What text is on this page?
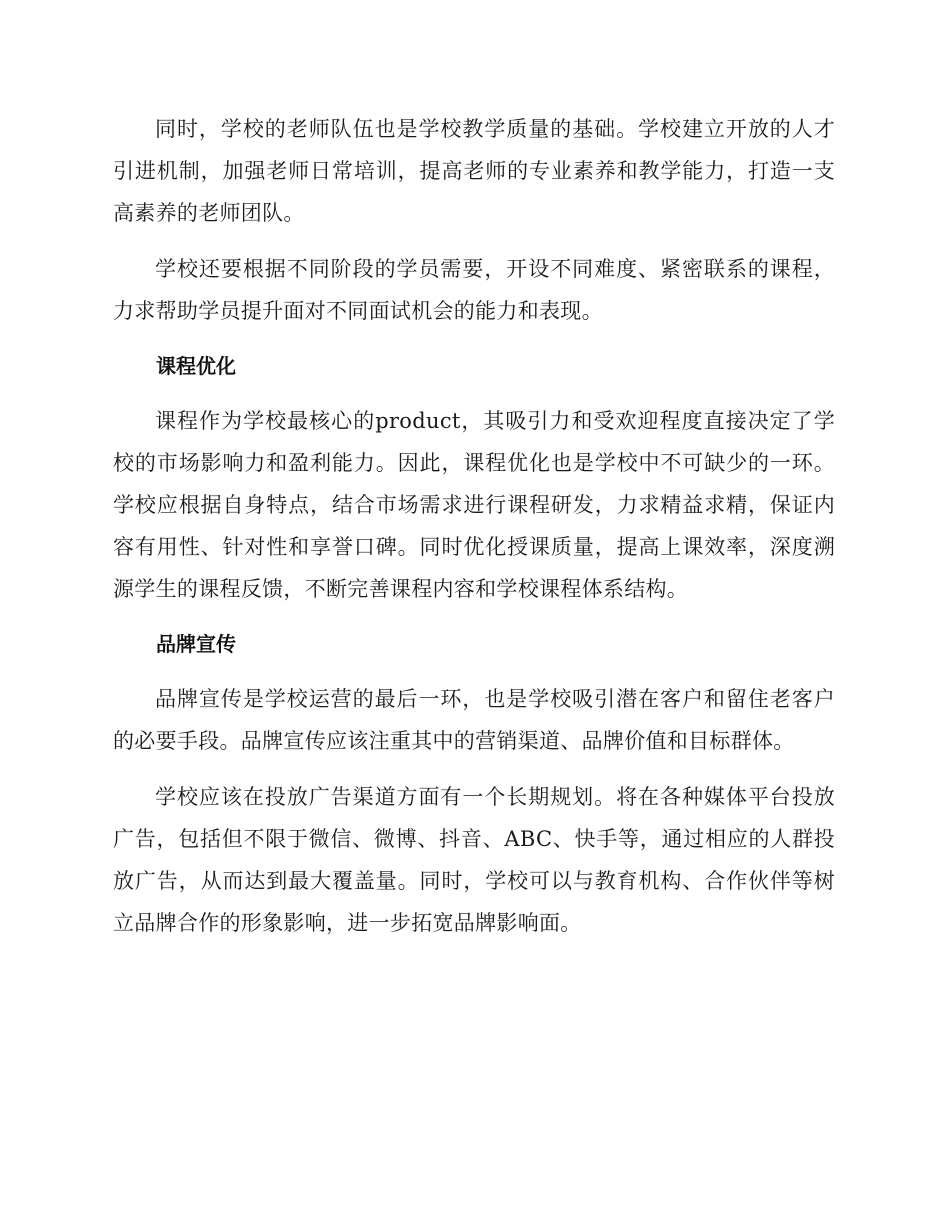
同时，学校的老师队伍也是学校教学质量的基础。学校建立开放的人才引进机制，加强老师日常培训，提高老师的专业素养和教学能力，打造一支高素养的老师团队。

学校还要根据不同阶段的学员需要，开设不同难度、紧密联系的课程，力求帮助学员提升面对不同面试机会的能力和表现。

课程优化

课程作为学校最核心的product，其吸引力和受欢迎程度直接决定了学校的市场影响力和盈利能力。因此，课程优化也是学校中不可缺少的一环。学校应根据自身特点，结合市场需求进行课程研发，力求精益求精，保证内容有用性、针对性和享誉口碑。同时优化授课质量，提高上课效率，深度溯源学生的课程反馈，不断完善课程内容和学校课程体系结构。

品牌宣传

品牌宣传是学校运营的最后一环，也是学校吸引潜在客户和留住老客户的必要手段。品牌宣传应该注重其中的营销渠道、品牌价值和目标群体。

学校应该在投放广告渠道方面有一个长期规划。将在各种媒体平台投放广告，包括但不限于微信、微博、抖音、ABC、快手等，通过相应的人群投放广告，从而达到最大覆盖量。同时，学校可以与教育机构、合作伙伴等树立品牌合作的形象影响，进一步拓宽品牌影响面。
